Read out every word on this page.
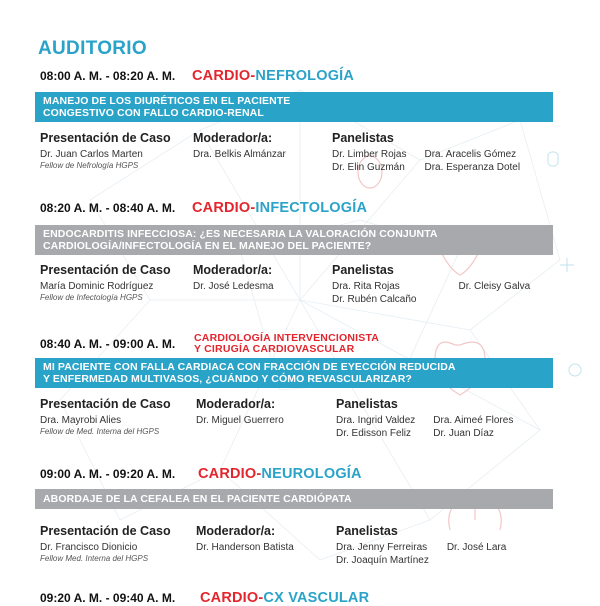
AUDITORIO
08:00 A. M. - 08:20 A. M.	CARDIO-NEFROLOGÍA
MANEJO DE LOS DIURÉTICOS EN EL PACIENTE
CONGESTIVO CON FALLO CARDIO-RENAL
Presentación de Caso
Dr. Juan Carlos Marten
Fellow de Nefrología HGPS
Moderador/a:
Dra. Belkis Almánzar
Panelistas
Dr. Limber Rojas Dra. Aracelis Gómez
Dr. Elin Guzmán Dra. Esperanza Dotel
08:20 A. M. - 08:40 A. M.	CARDIO-INFECTOLOGÍA
ENDOCARDITIS INFECCIOSA: ¿ES NECESARIA LA VALORACIÓN CONJUNTA
CARDIOLOGÍA/INFECTOLOGÍA EN EL MANEJO DEL PACIENTE?
Presentación de Caso
María Dominic Rodríguez
Fellow de Infectología HGPS
Moderador/a:
Dr. José Ledesma
Panelistas
Dra. Rita Rojas	Dr. Cleisy Galva
Dr. Rubén Calcaño
08:40 A. M. - 09:00 A. M.	CARDIOLOGÍA INTERVENCIONISTA
Y CIRUGÍA CARDIOVASCULAR
MI PACIENTE CON FALLA CARDIACA CON FRACCIÓN DE EYECCIÓN REDUCIDA
Y ENFERMEDAD MULTIVASOS, ¿CUÁNDO Y CÓMO REVASCULARIZAR?
Presentación de Caso
Dra. Mayrobi Alies
Fellow de Med. Interna del HGPS
Moderador/a:
Dr. Miguel Guerrero
Panelistas
Dra. Ingrid Valdez Dra. Aimeé Flores
Dr. Edisson Feliz	Dr. Juan Díaz
09:00 A. M. - 09:20 A. M.	CARDIO-NEUROLOGÍA
ABORDAJE DE LA CEFALEA EN EL PACIENTE CARDIÓPATA
Presentación de Caso
Dr. Francisco Dionicio
Fellow Med. Interna del HGPS
Moderador/a:
Dr. Handerson Batista
Panelistas
Dra. Jenny Ferreiras Dr. José Lara
Dr. Joaquín Martínez
09:20 A. M. - 09:40 A. M.	CARDIO-CX VASCULAR
